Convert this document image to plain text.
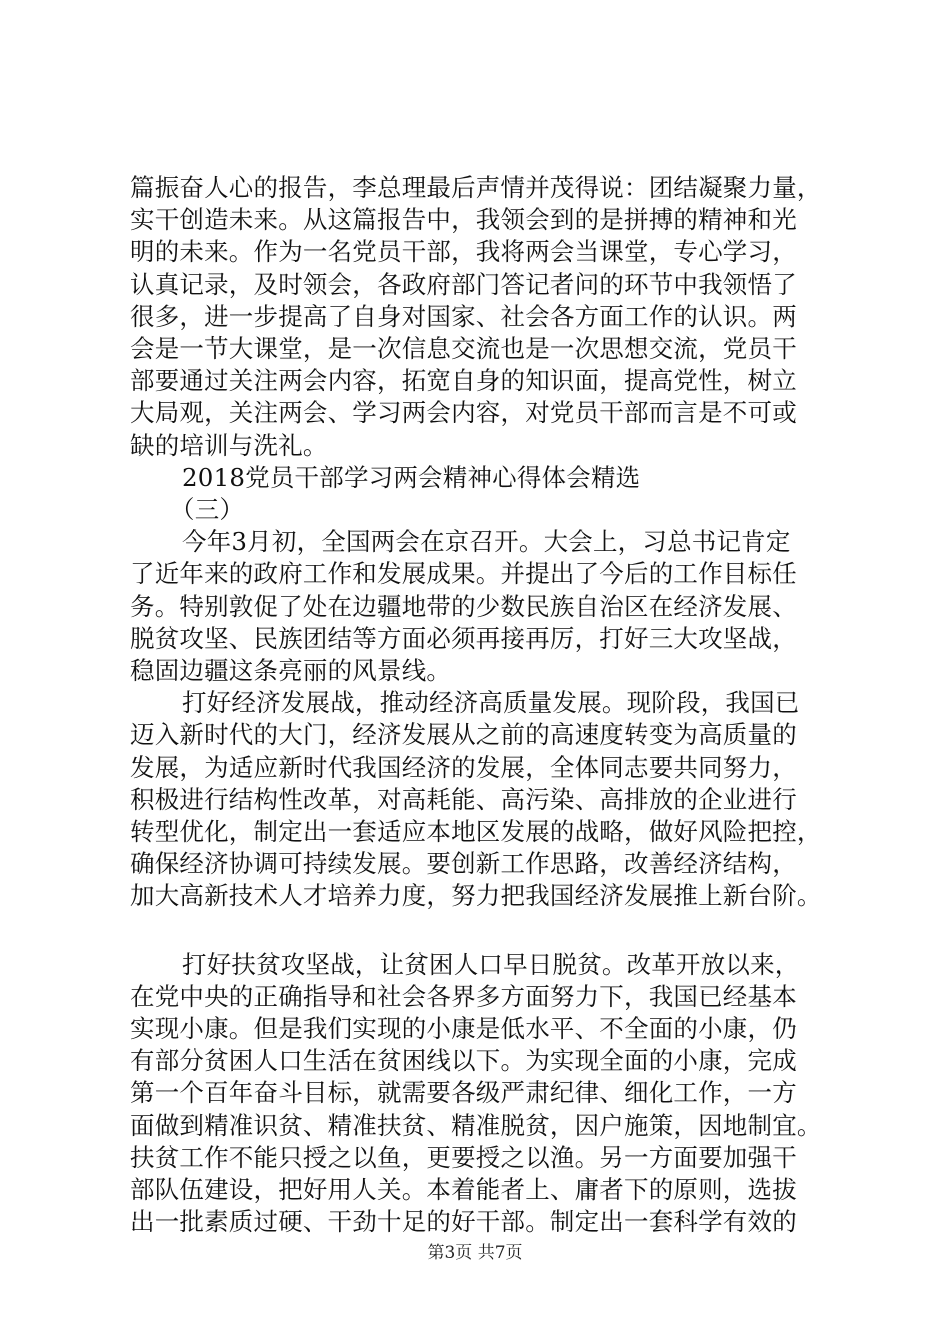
篇振奋人心的报告，李总理最后声情并茂得说：团结凝聚力量，
实干创造未来。从这篇报告中，我领会到的是拼搏的精神和光
明的未来。作为一名党员干部，我将两会当课堂，专心学习，
认真记录，及时领会，各政府部门答记者问的环节中我领悟了
很多，进一步提高了自身对国家、社会各方面工作的认识。两
会是一节大课堂，是一次信息交流也是一次思想交流，党员干
部要通过关注两会内容，拓宽自身的知识面，提高党性，树立
大局观，关注两会、学习两会内容，对党员干部而言是不可或
缺的培训与洗礼。

2018党员干部学习两会精神心得体会精选
（三）

今年3月初，全国两会在京召开。大会上，习总书记肯定
了近年来的政府工作和发展成果。并提出了今后的工作目标任
务。特别敦促了处在边疆地带的少数民族自治区在经济发展、
脱贫攻坚、民族团结等方面必须再接再厉，打好三大攻坚战，
稳固边疆这条亮丽的风景线。

打好经济发展战，推动经济高质量发展。现阶段，我国已
迈入新时代的大门，经济发展从之前的高速度转变为高质量的
发展，为适应新时代我国经济的发展，全体同志要共同努力，
积极进行结构性改革，对高耗能、高污染、高排放的企业进行
转型优化，制定出一套适应本地区发展的战略，做好风险把控，
确保经济协调可持续发展。要创新工作思路，改善经济结构，
加大高新技术人才培养力度，努力把我国经济发展推上新台阶。

打好扶贫攻坚战，让贫困人口早日脱贫。改革开放以来，
在党中央的正确指导和社会各界多方面努力下，我国已经基本
实现小康。但是我们实现的小康是低水平、不全面的小康，仍
有部分贫困人口生活在贫困线以下。为实现全面的小康，完成
第一个百年奋斗目标，就需要各级严肃纪律、细化工作，一方
面做到精准识贫、精准扶贫、精准脱贫，因户施策，因地制宜。
扶贫工作不能只授之以鱼，更要授之以渔。另一方面要加强干
部队伍建设，把好用人关。本着能者上、庸者下的原则，选拔
出一批素质过硬、干劲十足的好干部。制定出一套科学有效的

第3页 共7页
